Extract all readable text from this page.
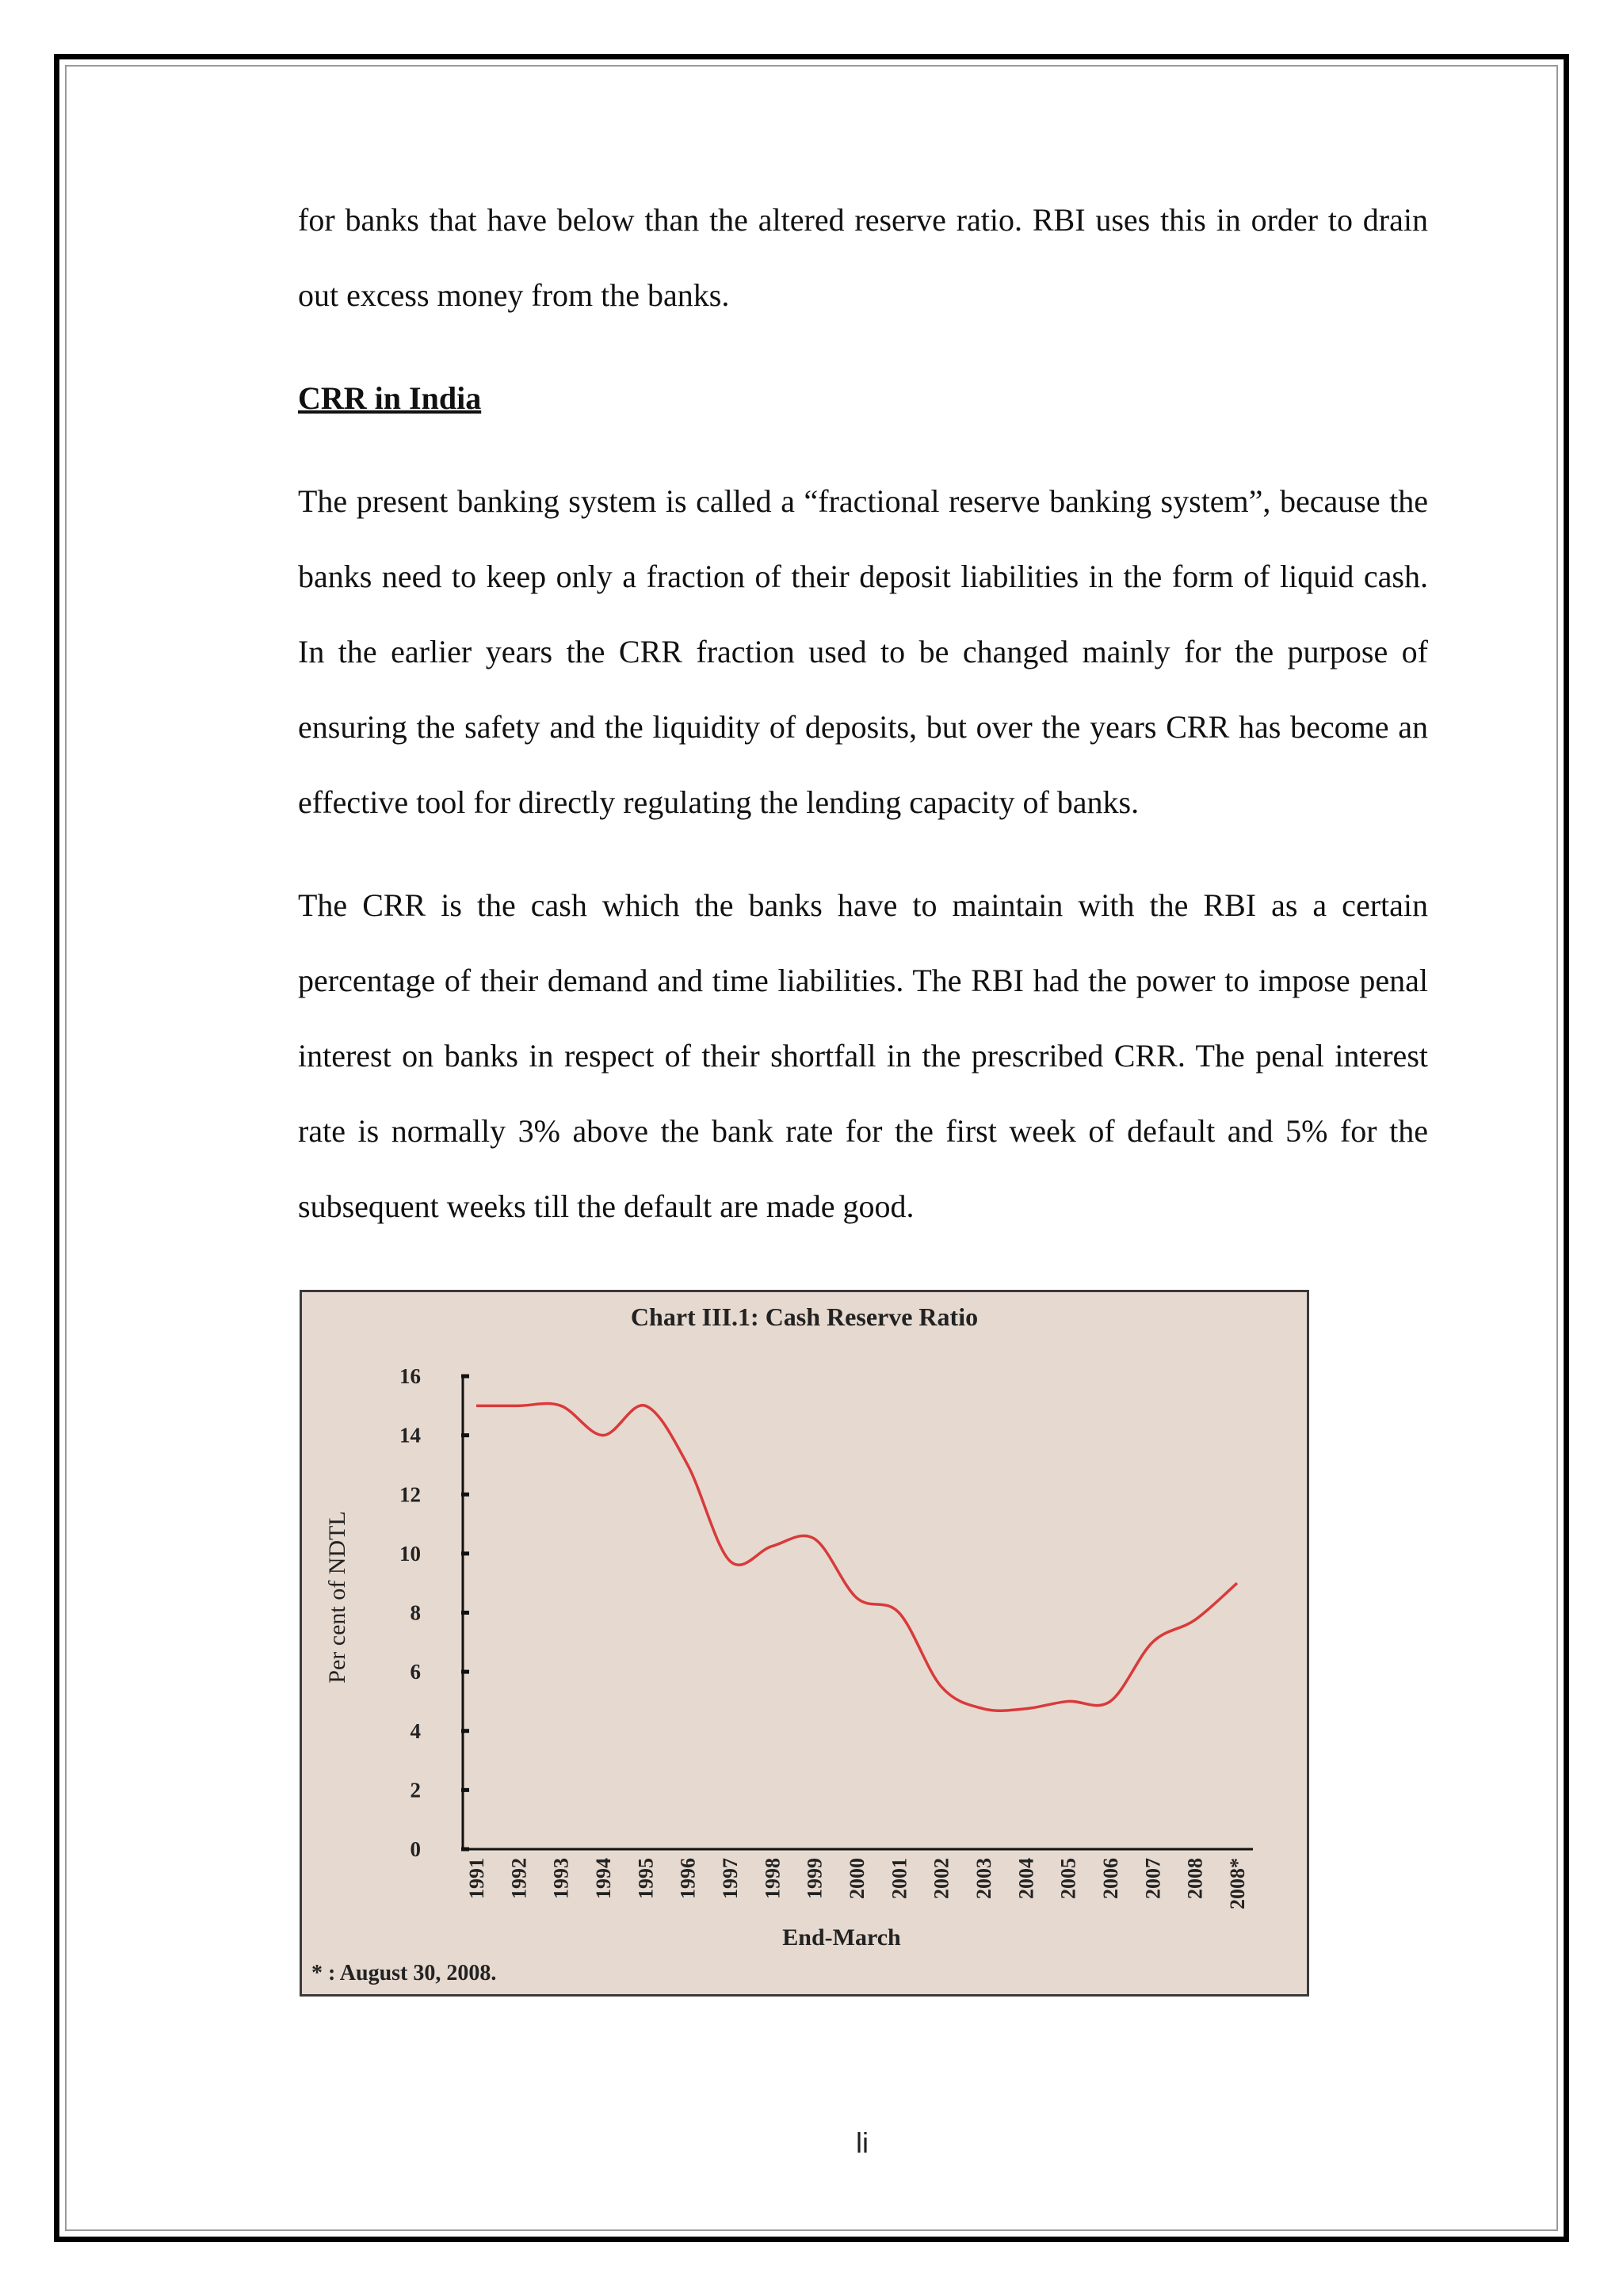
for banks that have below than the altered reserve ratio. RBI uses this in order to drain out excess money from the banks.

CRR in India

The present banking system is called a “fractional reserve banking system”, because the banks need to keep only a fraction of their deposit liabilities in the form of liquid cash. In the earlier years the CRR fraction used to be changed mainly for the purpose of ensuring the safety and the liquidity of deposits, but over the years CRR has become an effective tool for directly regulating the lending capacity of banks.

The CRR is the cash which the banks have to maintain with the RBI as a certain percentage of their demand and time liabilities. The RBI had the power to impose penal interest on banks in respect of their shortfall in the prescribed CRR. The penal interest rate is normally 3% above the bank rate for the first week of default and 5% for the subsequent weeks till the default are made good.

Chart III.1: Cash Reserve Ratio
Per cent of NDTL
End-March
* : August 30, 2008.
0
2
4
6
8
10
12
14
16
1991 1992 1993 1994 1995 1996 1997 1998 1999 2000 2001 2002 2003 2004 2005 2006 2007 2008 2008*
li
